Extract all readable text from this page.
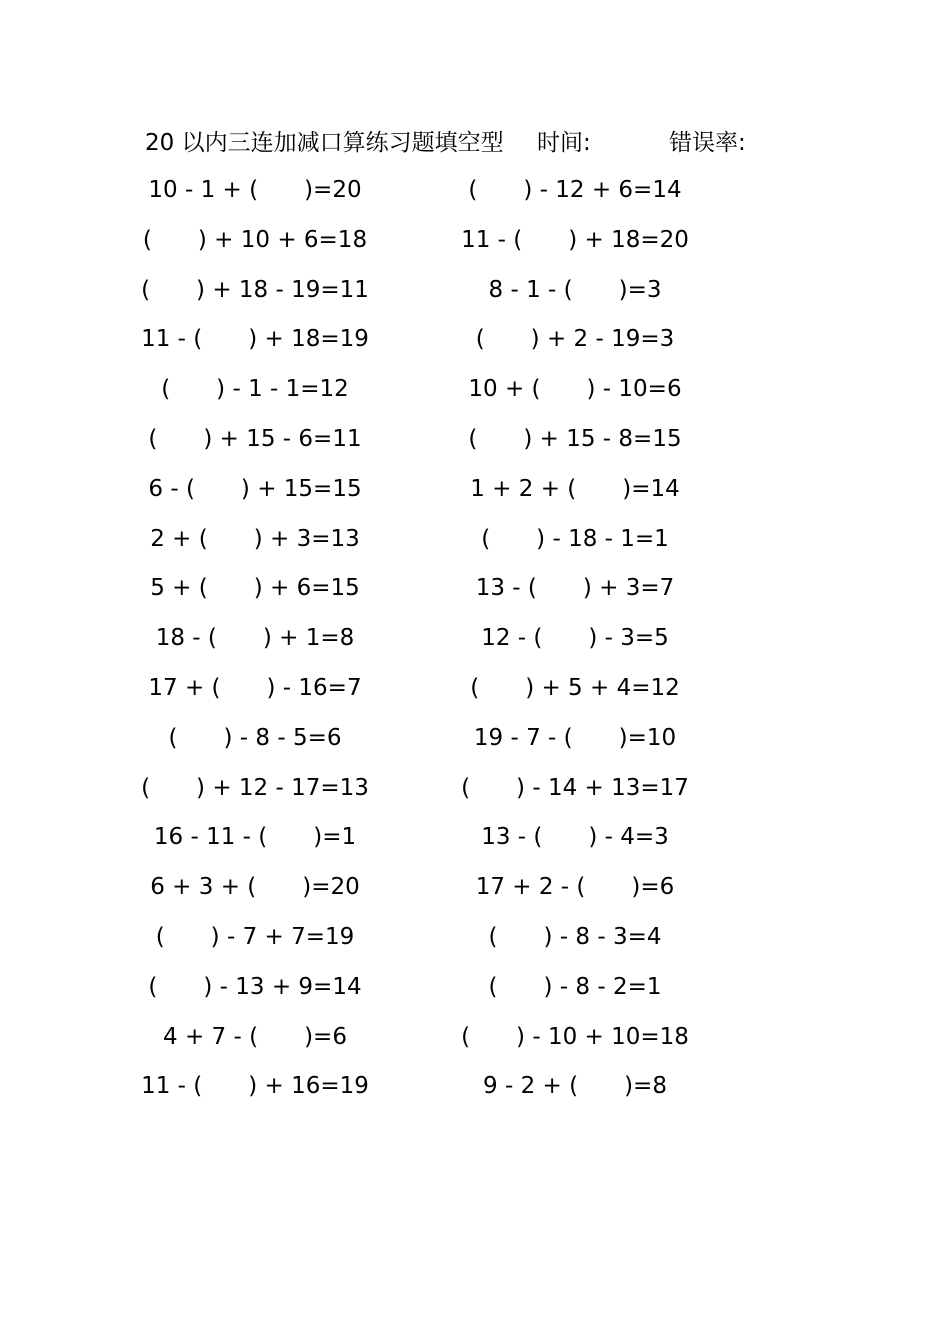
20 以内三连加减口算练习题填空型 时间:	错误率:
10 - 1 + (　　)=20	(　　) - 12 + 6=14
(　　) + 10 + 6=18	11 - (　　) + 18=20
(　　) + 18 - 19=11	8 - 1 - (　　)=3
11 - (　　) + 18=19	(　　) + 2 - 19=3
(　　) - 1 - 1=12	10 + (　　) - 10=6
(　　) + 15 - 6=11	(　　) + 15 - 8=15
6 - (　　) + 15=15	1 + 2 + (　　)=14
2 + (　　) + 3=13	(　　) - 18 - 1=1
5 + (　　) + 6=15	13 - (　　) + 3=7
18 - (　　) + 1=8	12 - (　　) - 3=5
17 + (　　) - 16=7	(　　) + 5 + 4=12
(　　) - 8 - 5=6	19 - 7 - (　　)=10
(　　) + 12 - 17=13	(　　) - 14 + 13=17
16 - 11 - (　　)=1	13 - (　　) - 4=3
6 + 3 + (　　)=20	17 + 2 - (　　)=6
(　　) - 7 + 7=19	(　　) - 8 - 3=4
(　　) - 13 + 9=14	(　　) - 8 - 2=1
4 + 7 - (　　)=6	(　　) - 10 + 10=18
11 - (　　) + 16=19	9 - 2 + (　　)=8
